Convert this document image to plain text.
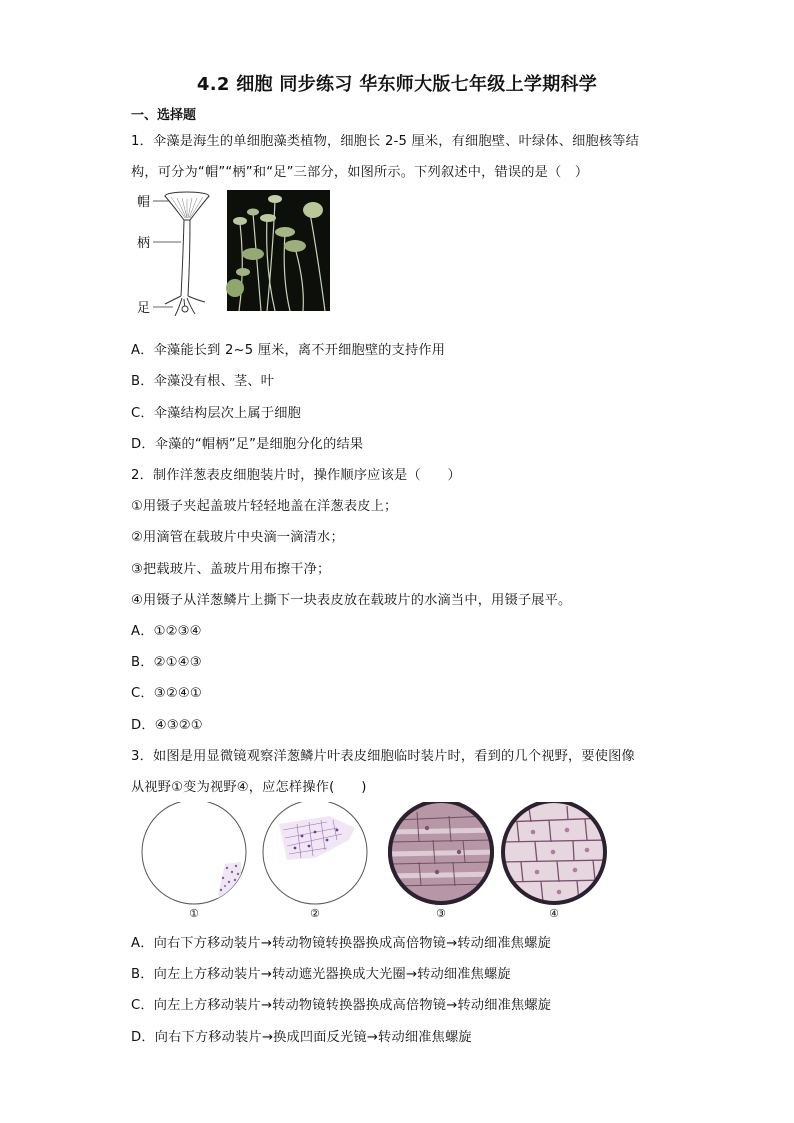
4.2 细胞 同步练习 华东师大版七年级上学期科学
一、选择题
1．伞藻是海生的单细胞藻类植物，细胞长 2-5 厘米，有细胞壁、叶绿体、细胞核等结
构，可分为“帽”“柄”和“足”三部分，如图所示。下列叙述中，错误的是（　）
帽
柄
足
A．伞藻能长到 2~5 厘米，离不开细胞壁的支持作用
B．伞藻没有根、茎、叶
C．伞藻结构层次上属于细胞
D．伞藻的“帽柄”足”是细胞分化的结果
2．制作洋葱表皮细胞装片时，操作顺序应该是（　　）
①用镊子夹起盖玻片轻轻地盖在洋葱表皮上；
②用滴管在载玻片中央滴一滴清水；
③把载玻片、盖玻片用布擦干净；
④用镊子从洋葱鳞片上撕下一块表皮放在载玻片的水滴当中，用镊子展平。
A．①②③④
B．②①④③
C．③②④①
D．④③②①
3．如图是用显微镜观察洋葱鳞片叶表皮细胞临时装片时，看到的几个视野，要使图像
从视野①变为视野④，应怎样操作(　　)
①	②	③	④
A．向右下方移动装片→转动物镜转换器换成高倍物镜→转动细准焦螺旋
B．向左上方移动装片→转动遮光器换成大光圈→转动细准焦螺旋
C．向左上方移动装片→转动物镜转换器换成高倍物镜→转动细准焦螺旋
D．向右下方移动装片→换成凹面反光镜→转动细准焦螺旋
